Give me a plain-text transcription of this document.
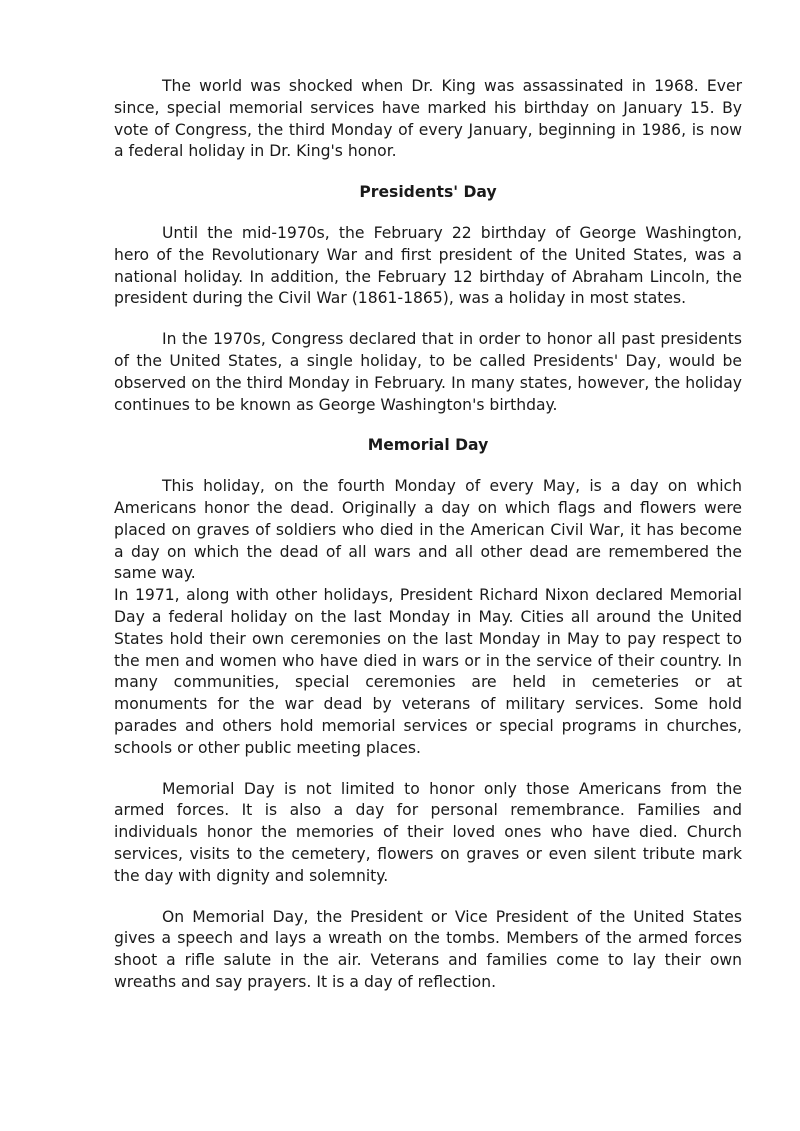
The world was shocked when Dr. King was assassinated in 1968. Ever since, special memorial services have marked his birthday on January 15. By vote of Congress, the third Monday of every January, beginning in 1986, is now a federal holiday in Dr. King's honor.

Presidents' Day

Until the mid-1970s, the February 22 birthday of George Washington, hero of the Revolutionary War and first president of the United States, was a national holiday. In addition, the February 12 birthday of Abraham Lincoln, the president during the Civil War (1861-1865), was a holiday in most states.

In the 1970s, Congress declared that in order to honor all past presidents of the United States, a single holiday, to be called Presidents' Day, would be observed on the third Monday in February. In many states, however, the holiday continues to be known as George Washington's birthday.

Memorial Day

This holiday, on the fourth Monday of every May, is a day on which Americans honor the dead. Originally a day on which flags and flowers were placed on graves of soldiers who died in the American Civil War, it has become a day on which the dead of all wars and all other dead are remembered the same way.

In 1971, along with other holidays, President Richard Nixon declared Memorial Day a federal holiday on the last Monday in May. Cities all around the United States hold their own ceremonies on the last Monday in May to pay respect to the men and women who have died in wars or in the service of their country. In many communities, special ceremonies are held in cemeteries or at monuments for the war dead by veterans of military services. Some hold parades and others hold memorial services or special programs in churches, schools or other public meeting places.

Memorial Day is not limited to honor only those Americans from the armed forces. It is also a day for personal remembrance. Families and individuals honor the memories of their loved ones who have died. Church services, visits to the cemetery, flowers on graves or even silent tribute mark the day with dignity and solemnity.

On Memorial Day, the President or Vice President of the United States gives a speech and lays a wreath on the tombs. Members of the armed forces shoot a rifle salute in the air. Veterans and families come to lay their own wreaths and say prayers. It is a day of reflection.
